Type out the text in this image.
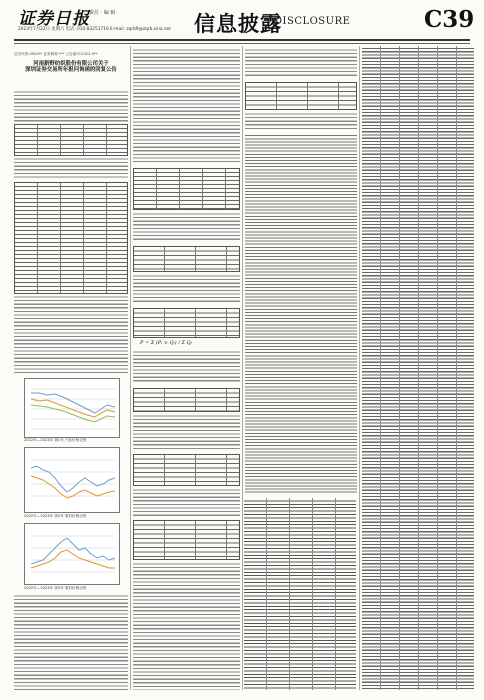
证券日报 责任 · 编 辑
2023年7月22日 星期六 电话: 010-83251716 E-mail: zqrb9@zqrb.sina.net 信息披露
DISCLOSURE	C39
证券代码:0000** 证券简称:*** 公告编号:2023-0**
河南新野纺织股份有限公司关于
深圳证券交易所年报问询函的回复公告
2022年—2023年 第1号 产品价格走势
2022年—2023年 第2号 原料价格走势
2022年—2023年 第3号 原料价格走势
P = Σ (Pᵢ × Qᵢ) / Σ Qᵢ
